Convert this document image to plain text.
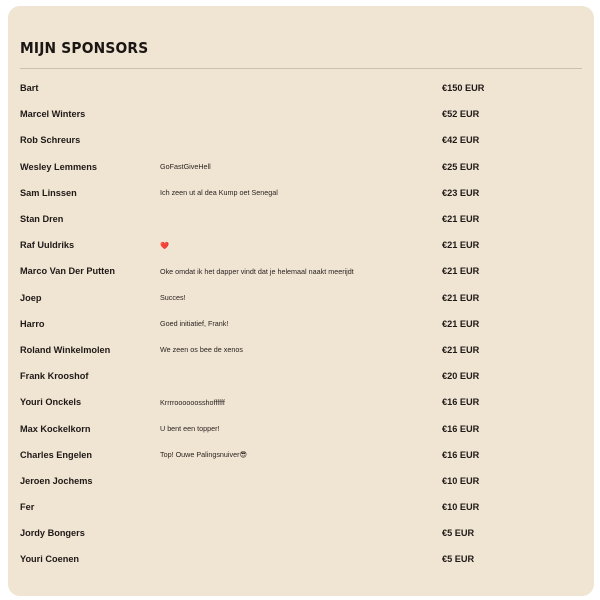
MIJN SPONSORS
Bart	€150 EUR
Marcel Winters	€52 EUR
Rob Schreurs	€42 EUR
Wesley Lemmens	GoFastGiveHell	€25 EUR
Sam Linssen	Ich zeen ut al dea Kump oet Senegal	€23 EUR
Stan Dren	€21 EUR
Raf Uuldriks	❤️	€21 EUR
Marco Van Der Putten	Oke omdat ik het dapper vindt dat je helemaal naakt meerijdt	€21 EUR
Joep	Succes!	€21 EUR
Harro	Goed initiatief, Frank!	€21 EUR
Roland Winkelmolen	We zeen os bee de xenos	€21 EUR
Frank Krooshof	€20 EUR
Youri Onckels	Krrrroooooosshoffffff	€16 EUR
Max Kockelkorn	U bent een topper!	€16 EUR
Charles Engelen	Top! Ouwe Palingsnuiver😎	€16 EUR
Jeroen Jochems	€10 EUR
Fer	€10 EUR
Jordy Bongers	€5 EUR
Youri Coenen	€5 EUR
